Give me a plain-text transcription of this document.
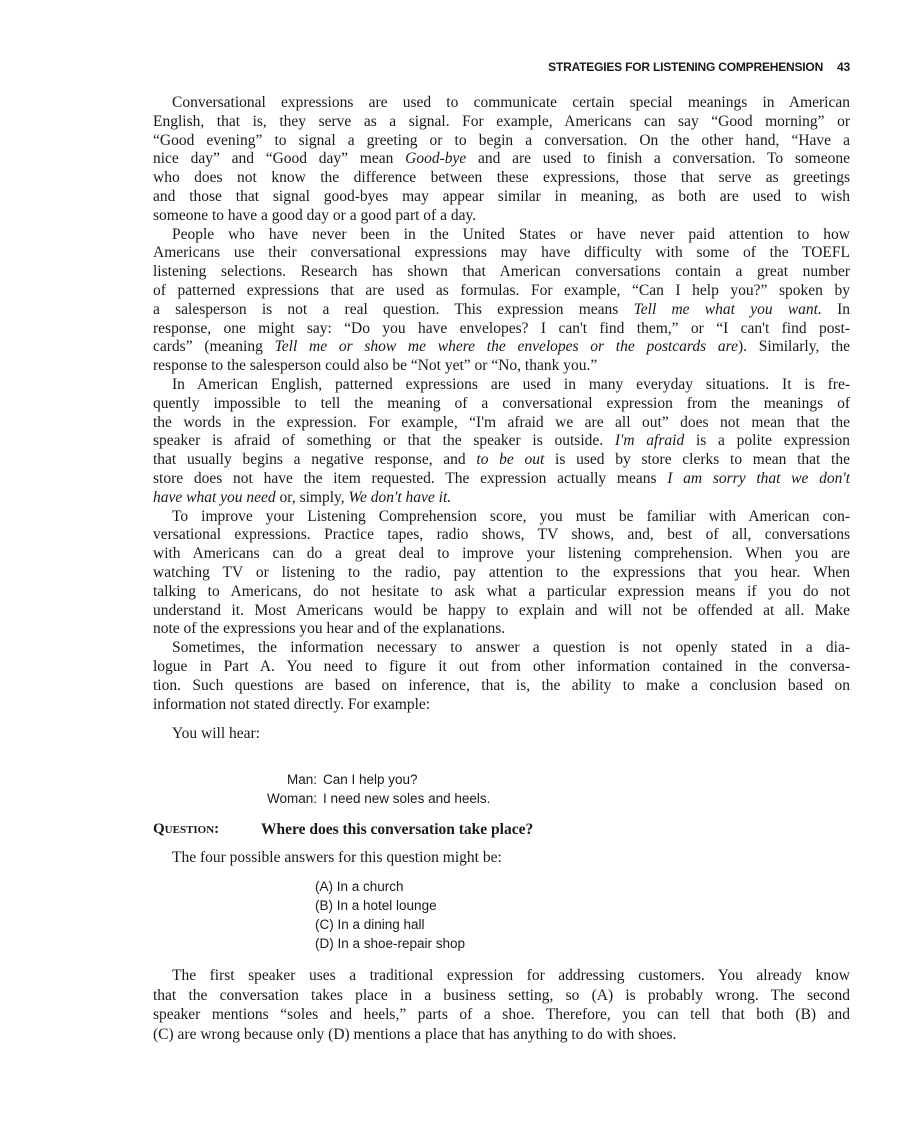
STRATEGIES FOR LISTENING COMPREHENSION 43
Conversational expressions are used to communicate certain special meanings in American
English, that is, they serve as a signal. For example, Americans can say “Good morning” or
“Good evening” to signal a greeting or to begin a conversation. On the other hand, “Have a
nice day” and “Good day” mean Good-bye and are used to finish a conversation. To someone
who does not know the difference between these expressions, those that serve as greetings
and those that signal good-byes may appear similar in meaning, as both are used to wish
someone to have a good day or a good part of a day.
People who have never been in the United States or have never paid attention to how
Americans use their conversational expressions may have difficulty with some of the TOEFL
listening selections. Research has shown that American conversations contain a great number
of patterned expressions that are used as formulas. For example, “Can I help you?” spoken by
a salesperson is not a real question. This expression means Tell me what you want. In
response, one might say: “Do you have envelopes? I can't find them,” or “I can't find post-
cards” (meaning Tell me or show me where the envelopes or the postcards are). Similarly, the
response to the salesperson could also be “Not yet” or “No, thank you.”
In American English, patterned expressions are used in many everyday situations. It is fre-
quently impossible to tell the meaning of a conversational expression from the meanings of
the words in the expression. For example, “I'm afraid we are all out” does not mean that the
speaker is afraid of something or that the speaker is outside. I'm afraid is a polite expression
that usually begins a negative response, and to be out is used by store clerks to mean that the
store does not have the item requested. The expression actually means I am sorry that we don't
have what you need or, simply, We don't have it.
To improve your Listening Comprehension score, you must be familiar with American con-
versational expressions. Practice tapes, radio shows, TV shows, and, best of all, conversations
with Americans can do a great deal to improve your listening comprehension. When you are
watching TV or listening to the radio, pay attention to the expressions that you hear. When
talking to Americans, do not hesitate to ask what a particular expression means if you do not
understand it. Most Americans would be happy to explain and will not be offended at all. Make
note of the expressions you hear and of the explanations.
Sometimes, the information necessary to answer a question is not openly stated in a dia-
logue in Part A. You need to figure it out from other information contained in the conversa-
tion. Such questions are based on inference, that is, the ability to make a conclusion based on
information not stated directly. For example:
You will hear:
Man: Can I help you?
Woman: I need new soles and heels.
Question:	Where does this conversation take place?
The four possible answers for this question might be:
(A) In a church
(B) In a hotel lounge
(C) In a dining hall
(D) In a shoe-repair shop
The first speaker uses a traditional expression for addressing customers. You already know
that the conversation takes place in a business setting, so (A) is probably wrong. The second
speaker mentions “soles and heels,” parts of a shoe. Therefore, you can tell that both (B) and
(C) are wrong because only (D) mentions a place that has anything to do with shoes.
